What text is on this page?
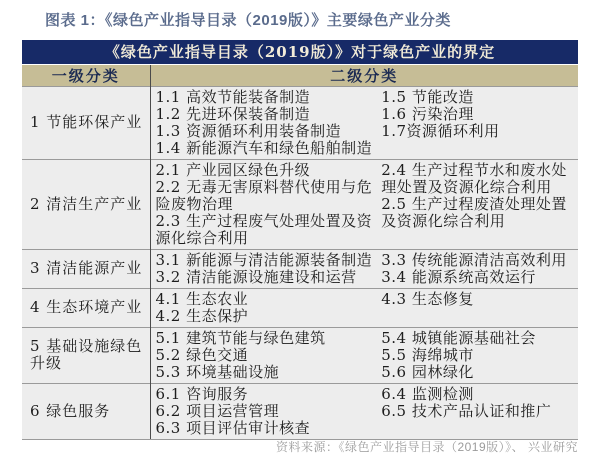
图表 1：《绿色产业指导目录（2019版）》主要绿色产业分类
《绿色产业指导目录（2019版）》对于绿色产业的界定	
一级分类	二级分类
1 节能环保产业	
1.1 高效节能装备制造
1.2 先进环保装备制造
1.3 资源循环利用装备制造
1.4 新能源汽车和绿色船舶制造
1.5 节能改造
1.6 污染治理
1.7资源循环利用

2 清洁生产产业	2.1 产业园区绿色升级
2.2 无毒无害原料替代使用与危险废物治理
2.3 生产过程废气处理处置及资源化综合利用
2.4 生产过程节水和废水处理处置及资源化综合利用
2.5 生产过程废渣处理处置及资源化综合利用

3 清洁能源产业	3.1 新能源与清洁能源装备制造
3.2 清洁能源设施建设和运营
3.3 传统能源清洁高效利用
3.4 能源系统高效运行

4 生态环境产业	4.1 生态农业
4.2 生态保护
4.3 生态修复

5 基础设施绿色升级	
5.1 建筑节能与绿色建筑
5.2 绿色交通
5.3 环境基础设施
5.4 城镇能源基础社会
5.5 海绵城市
5.6 园林绿化

6 绿色服务	6.1 咨询服务
6.2 项目运营管理
6.3 项目评估审计核查
6.4 监测检测
6.5 技术产品认证和推广
资料来源：《绿色产业指导目录（2019版）》、 兴业研究
